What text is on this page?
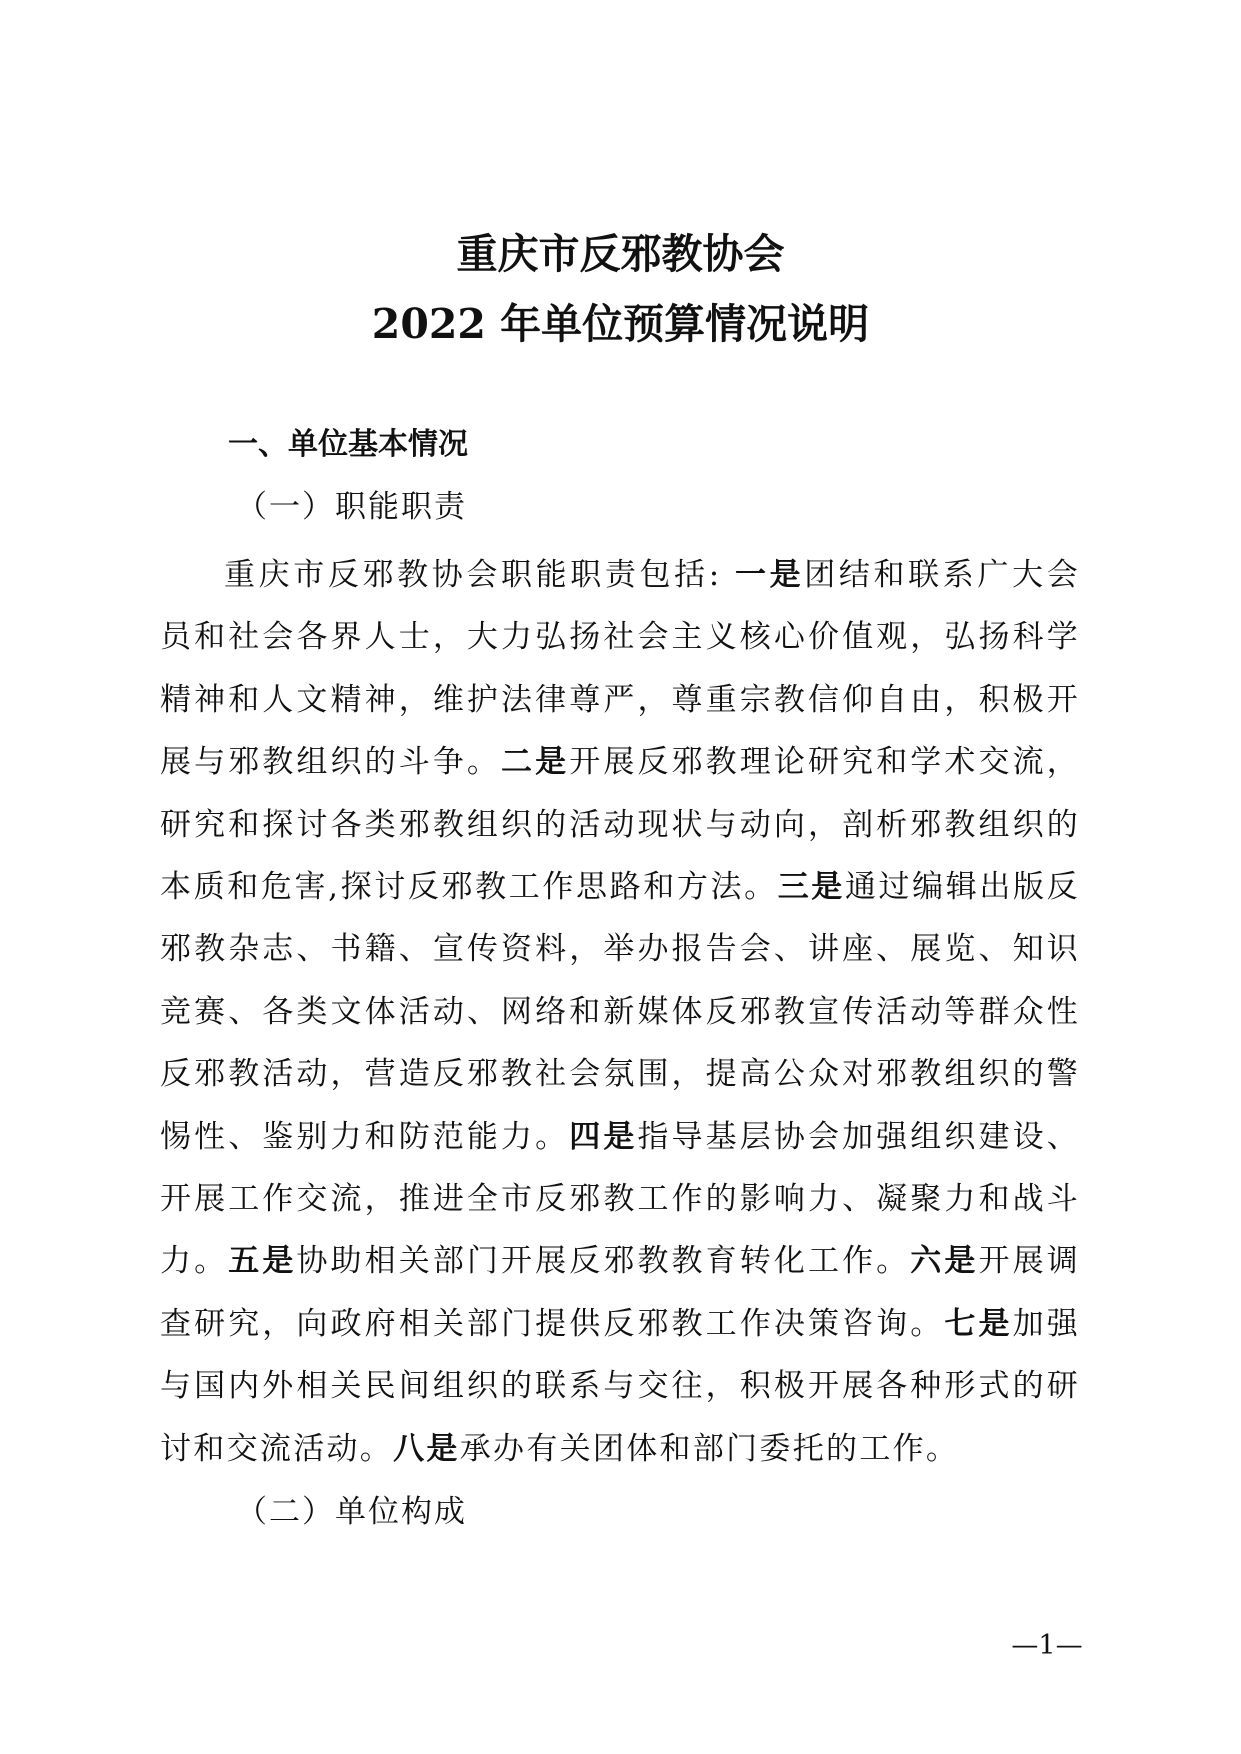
重庆市反邪教协会
2022 年单位预算情况说明
一、单位基本情况
（一）职能职责

重庆市反邪教协会职能职责包括: 一是团结和联系广大会员和社会各界人士，大力弘扬社会主义核心价值观，弘扬科学精神和人文精神，维护法律尊严，尊重宗教信仰自由，积极开展与邪教组织的斗争。二是开展反邪教理论研究和学术交流，研究和探讨各类邪教组织的活动现状与动向，剖析邪教组织的本质和危害,探讨反邪教工作思路和方法。三是通过编辑出版反邪教杂志、书籍、宣传资料，举办报告会、讲座、展览、知识竞赛、各类文体活动、网络和新媒体反邪教宣传活动等群众性反邪教活动，营造反邪教社会氛围，提高公众对邪教组织的警惕性、鉴别力和防范能力。四是指导基层协会加强组织建设、开展工作交流，推进全市反邪教工作的影响力、凝聚力和战斗力。五是协助相关部门开展反邪教教育转化工作。六是开展调查研究，向政府相关部门提供反邪教工作决策咨询。七是加强与国内外相关民间组织的联系与交往，积极开展各种形式的研讨和交流活动。八是承办有关团体和部门委托的工作。

（二）单位构成
—1—
